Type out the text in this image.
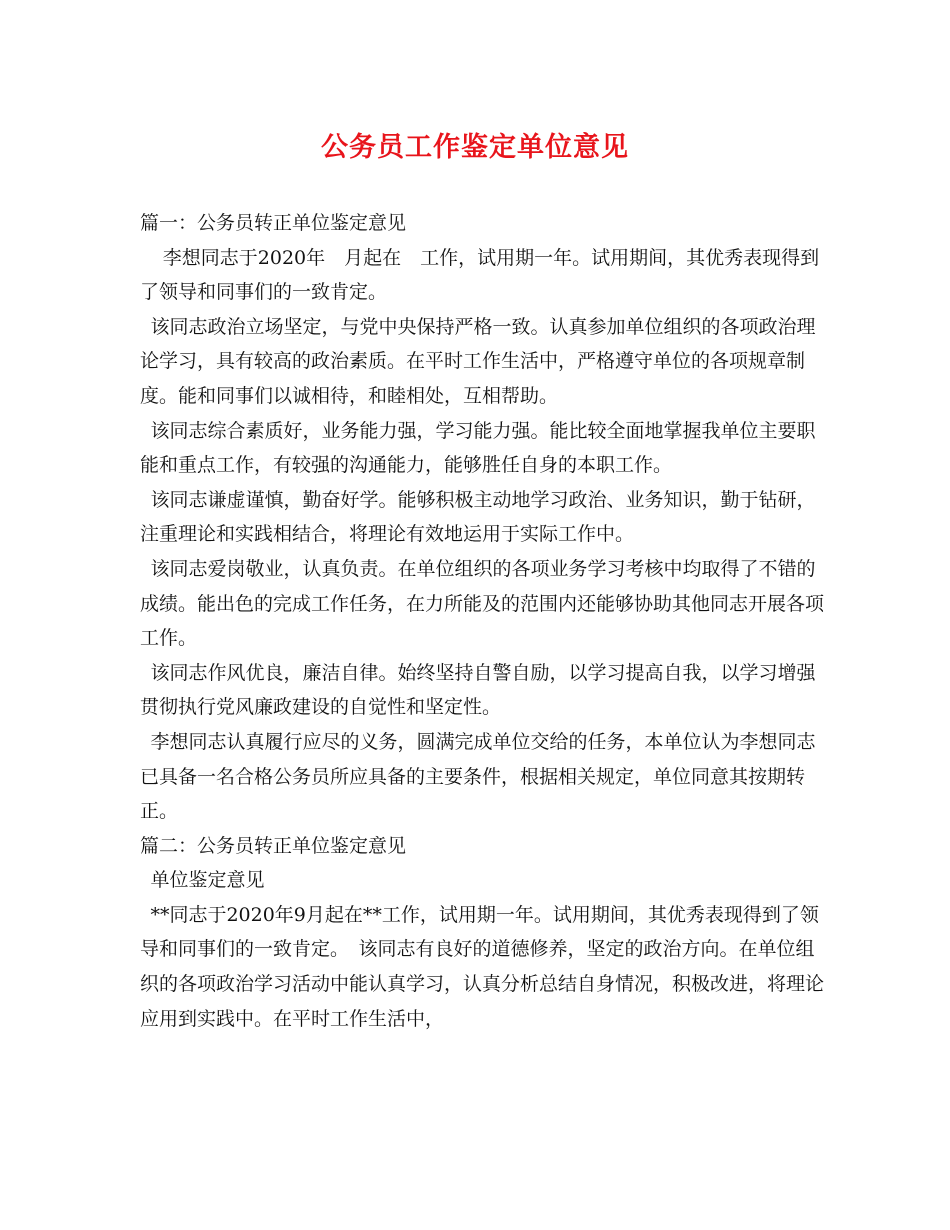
公务员工作鉴定单位意见

篇一：公务员转正单位鉴定意见

李想同志于2020年　月起在　工作，试用期一年。试用期间，其优秀表现得到了领导和同事们的一致肯定。

该同志政治立场坚定，与党中央保持严格一致。认真参加单位组织的各项政治理论学习，具有较高的政治素质。在平时工作生活中，严格遵守单位的各项规章制度。能和同事们以诚相待，和睦相处，互相帮助。

该同志综合素质好，业务能力强，学习能力强。能比较全面地掌握我单位主要职能和重点工作，有较强的沟通能力，能够胜任自身的本职工作。

该同志谦虚谨慎，勤奋好学。能够积极主动地学习政治、业务知识，勤于钻研，注重理论和实践相结合，将理论有效地运用于实际工作中。

该同志爱岗敬业，认真负责。在单位组织的各项业务学习考核中均取得了不错的成绩。能出色的完成工作任务，在力所能及的范围内还能够协助其他同志开展各项工作。

该同志作风优良，廉洁自律。始终坚持自警自励，以学习提高自我，以学习增强贯彻执行党风廉政建设的自觉性和坚定性。

李想同志认真履行应尽的义务，圆满完成单位交给的任务，本单位认为李想同志已具备一名合格公务员所应具备的主要条件，根据相关规定，单位同意其按期转正。

篇二：公务员转正单位鉴定意见

单位鉴定意见

**同志于2020年9月起在**工作，试用期一年。试用期间，其优秀表现得到了领导和同事们的一致肯定。　该同志有良好的道德修养，坚定的政治方向。在单位组织的各项政治学习活动中能认真学习，认真分析总结自身情况，积极改进，将理论应用到实践中。在平时工作生活中，
